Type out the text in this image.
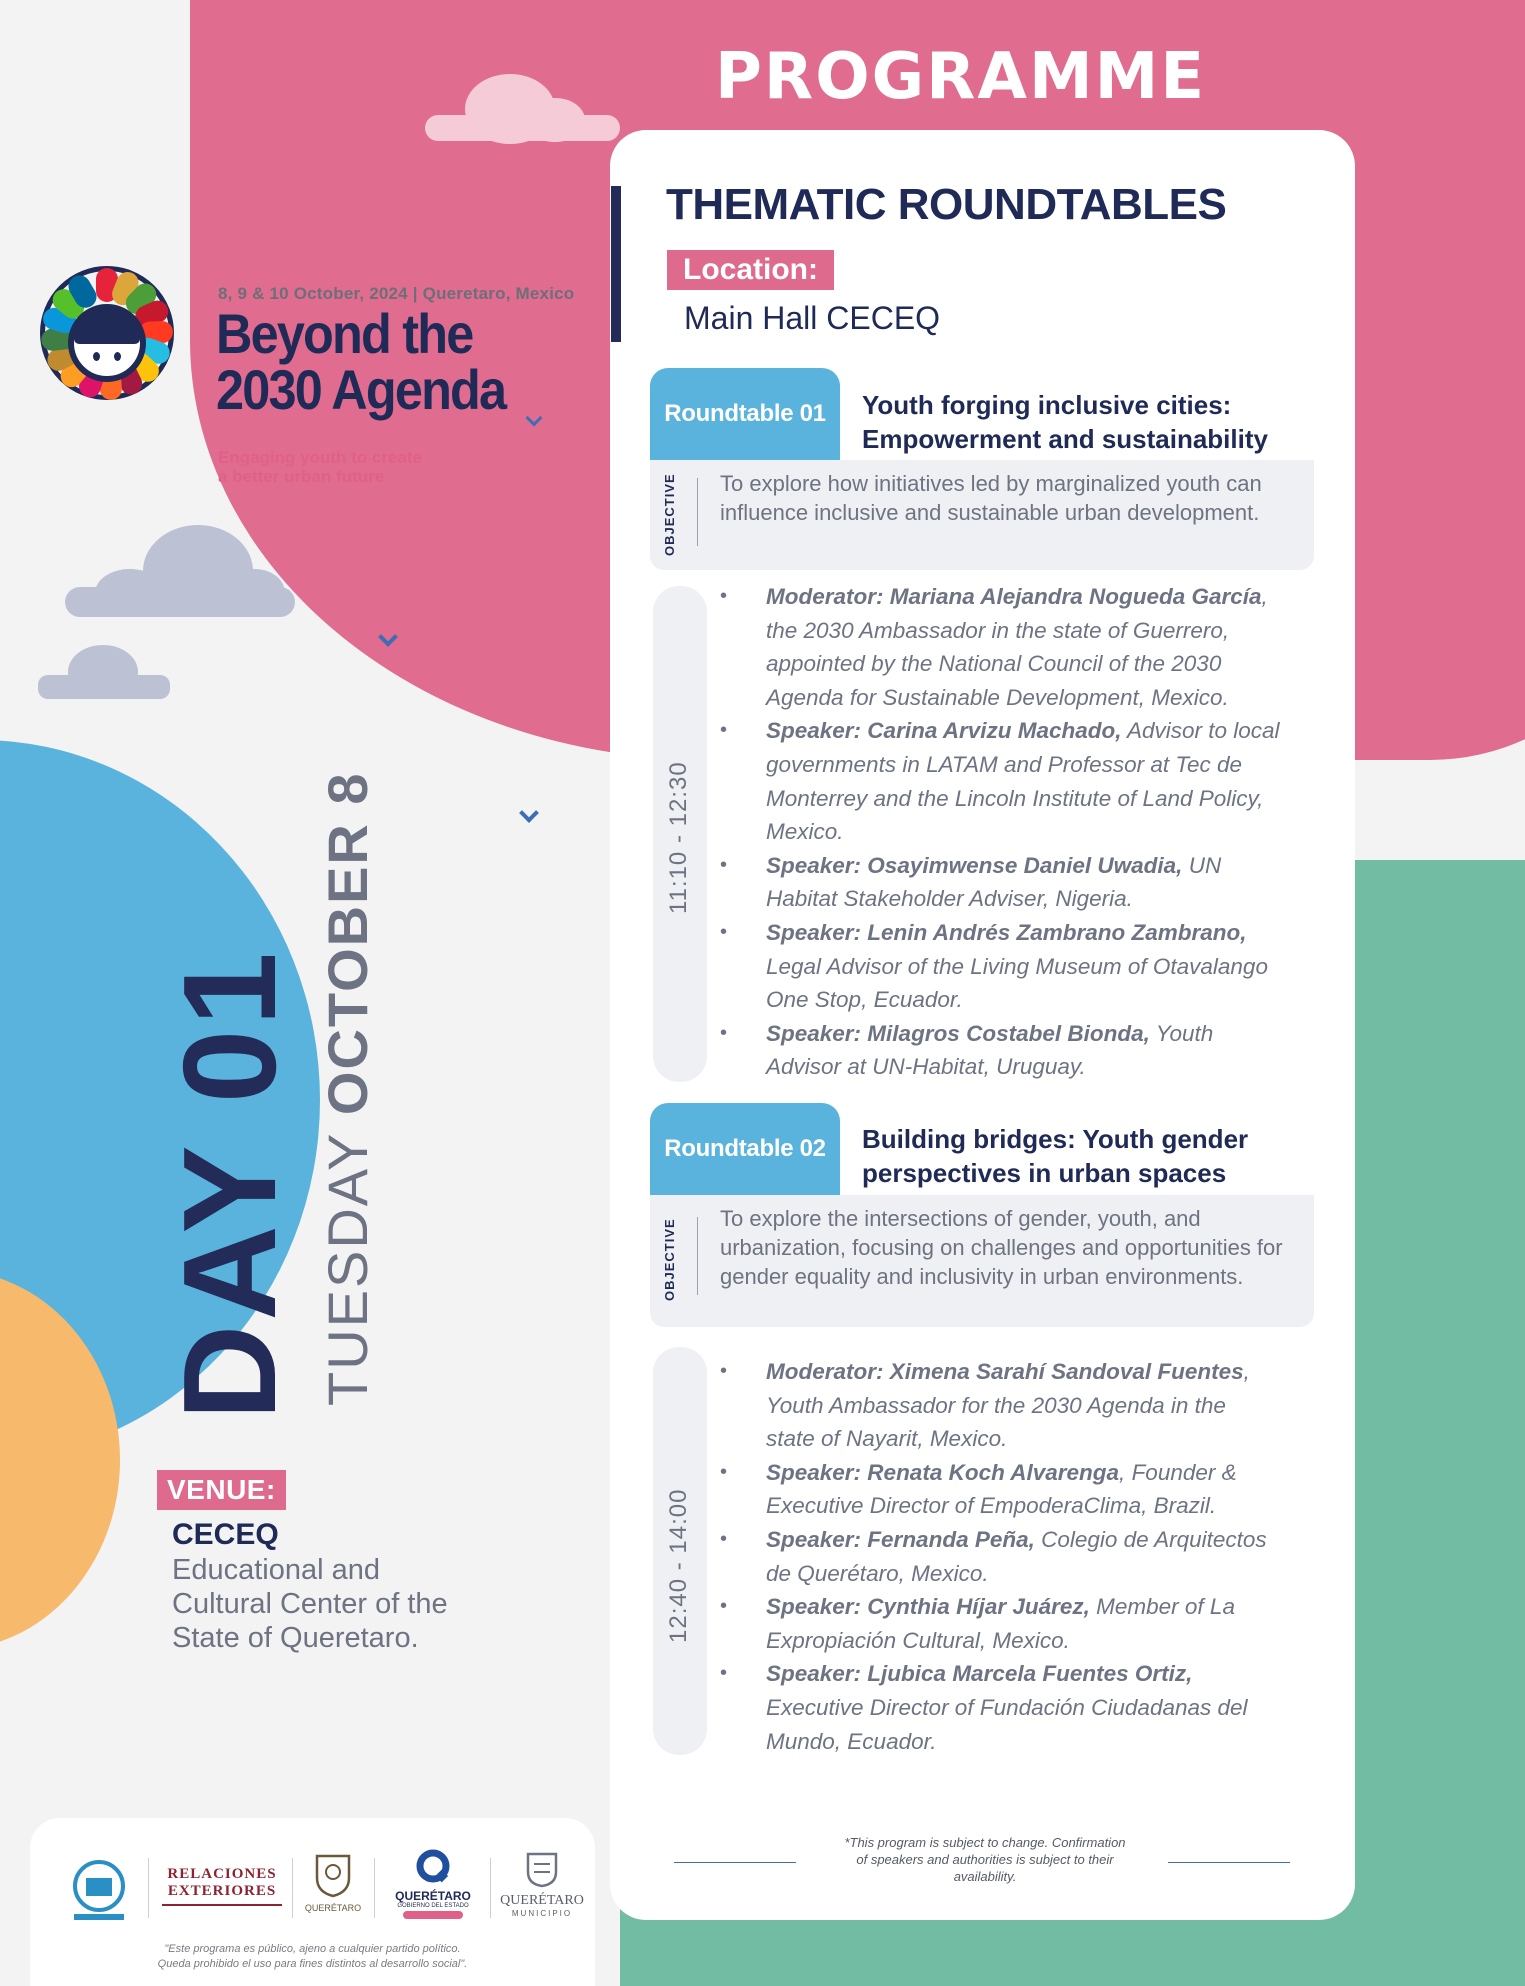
8, 9 & 10 October, 2024 | Queretaro, Mexico
Beyond the
2030 Agenda
Engaging youth to create
a better urban future
DAY 01 TUESDAY OCTOBER 8
VENUE:
CECEQ
Educational and Cultural Center of the State of Queretaro.
RELACIONES
EXTERIORES
QUERÉTARO
QUERÉTARO
GOBIERNO DEL ESTADO	QUERÉTARO
MUNICIPIO
"Este programa es público, ajeno a cualquier partido político.
Queda prohibido el uso para fines distintos al desarrollo social".
PROGRAMME
THEMATIC ROUNDTABLES
Location:
Main Hall CECEQ
Roundtable 01	Youth forging inclusive cities: Empowerment and sustainability
OBJECTIVE To explore how initiatives led by marginalized youth can influence inclusive and sustainable urban development.
11:10 - 12:30
• Moderator: Mariana Alejandra Nogueda García, the 2030 Ambassador in the state of Guerrero, appointed by the National Council of the 2030 Agenda for Sustainable Development, Mexico.
• Speaker: Carina Arvizu Machado, Advisor to local governments in LATAM and Professor at Tec de Monterrey and the Lincoln Institute of Land Policy, Mexico.
• Speaker: Osayimwense Daniel Uwadia, UN Habitat Stakeholder Adviser, Nigeria.
• Speaker: Lenin Andrés Zambrano Zambrano, Legal Advisor of the Living Museum of Otavalango One Stop, Ecuador.
• Speaker: Milagros Costabel Bionda, Youth Advisor at UN-Habitat, Uruguay.
Roundtable 02	Building bridges: Youth gender perspectives in urban spaces
OBJECTIVE To explore the intersections of gender, youth, and urbanization, focusing on challenges and opportunities for gender equality and inclusivity in urban environments.
12:40 - 14:00
• Moderator: Ximena Sarahí Sandoval Fuentes, Youth Ambassador for the 2030 Agenda in the state of Nayarit, Mexico.
• Speaker: Renata Koch Alvarenga, Founder & Executive Director of EmpoderaClima, Brazil.
• Speaker: Fernanda Peña, Colegio de Arquitectos de Querétaro, Mexico.
• Speaker: Cynthia Híjar Juárez, Member of La Expropiación Cultural, Mexico.
• Speaker: Ljubica Marcela Fuentes Ortiz, Executive Director of Fundación Ciudadanas del Mundo, Ecuador.
*This program is subject to change. Confirmation of speakers and authorities is subject to their availability.
